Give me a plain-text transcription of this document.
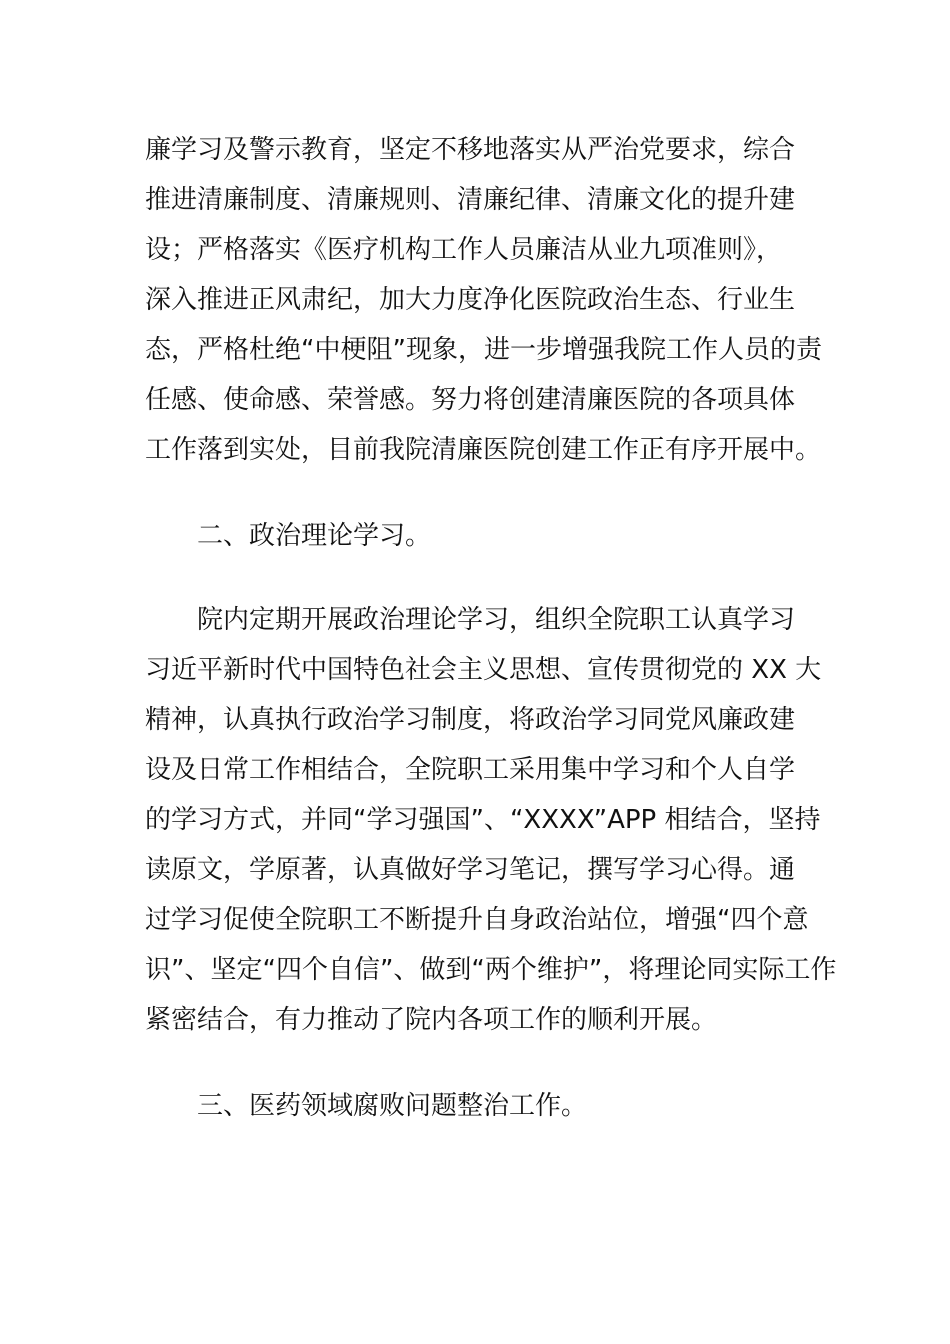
廉学习及警示教育，坚定不移地落实从严治党要求，综合
推进清廉制度、清廉规则、清廉纪律、清廉文化的提升建
设；严格落实《医疗机构工作人员廉洁从业九项准则》，
深入推进正风肃纪，加大力度净化医院政治生态、行业生
态，严格杜绝“中梗阻”现象，进一步增强我院工作人员的责
任感、使命感、荣誉感。努力将创建清廉医院的各项具体
工作落到实处，目前我院清廉医院创建工作正有序开展中。
二、政治理论学习。
院内定期开展政治理论学习，组织全院职工认真学习
习近平新时代中国特色社会主义思想、宣传贯彻党的 XX 大
精神，认真执行政治学习制度，将政治学习同党风廉政建
设及日常工作相结合，全院职工采用集中学习和个人自学
的学习方式，并同“学习强国”、“XXXX”APP 相结合，坚持
读原文，学原著，认真做好学习笔记，撰写学习心得。通
过学习促使全院职工不断提升自身政治站位，增强“四个意
识”、坚定“四个自信”、做到“两个维护”，将理论同实际工作
紧密结合，有力推动了院内各项工作的顺利开展。
三、医药领域腐败问题整治工作。
